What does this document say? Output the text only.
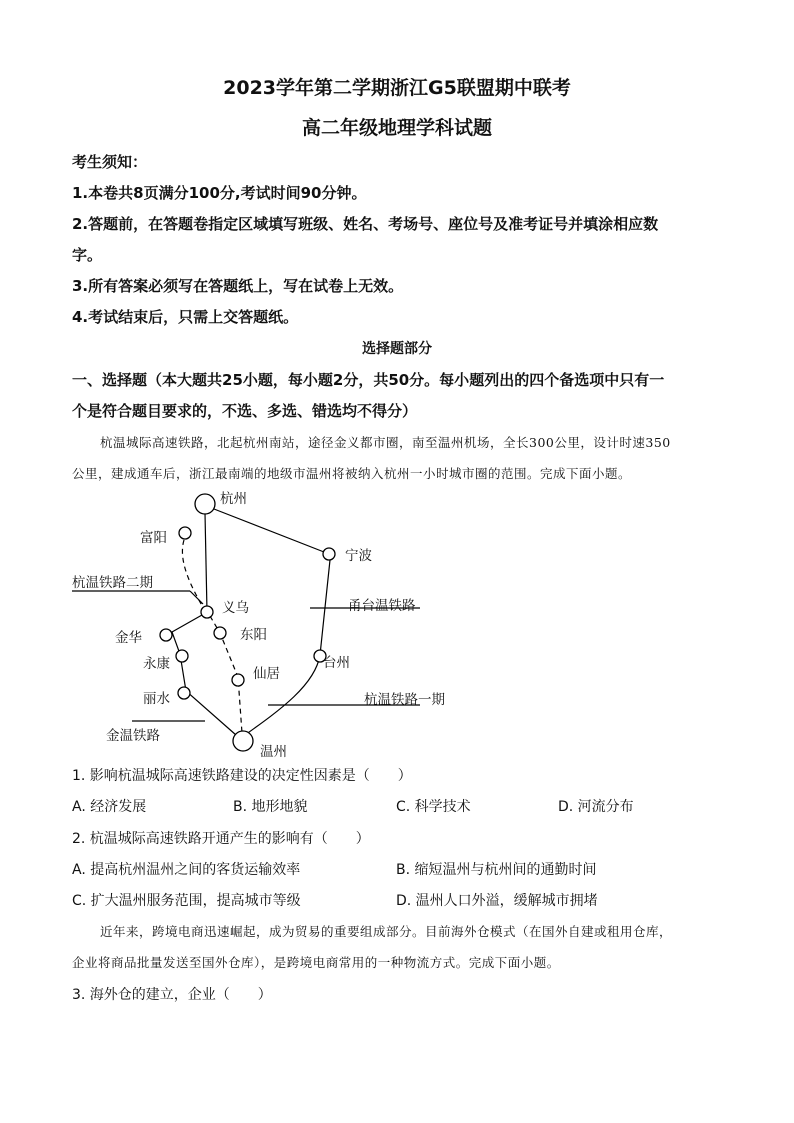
2023学年第二学期浙江G5联盟期中联考
高二年级地理学科试题
考生须知：
1.本卷共8页满分100分,考试时间90分钟。
2.答题前，在答题卷指定区域填写班级、姓名、考场号、座位号及准考证号并填涂相应数
字。
3.所有答案必须写在答题纸上，写在试卷上无效。
4.考试结束后，只需上交答题纸。
选择题部分
一、选择题（本大题共25小题，每小题2分，共50分。每小题列出的四个备选项中只有一
个是符合题目要求的，不选、多选、错选均不得分）
杭温城际高速铁路，北起杭州南站，途径金义都市圈，南至温州机场，全长300公里，设计时速350
公里，建成通车后，浙江最南端的地级市温州将被纳入杭州一小时城市圈的范围。完成下面小题。
杭州
富阳
宁波
杭温铁路二期
甬台温铁路
义乌
金华	东阳
永康	台州
仙居
丽水	杭温铁路一期
金温铁路
温州
1. 影响杭温城际高速铁路建设的决定性因素是（　　）
A. 经济发展	B. 地形地貌	C. 科学技术	D. 河流分布
2. 杭温城际高速铁路开通产生的影响有（　　）
A. 提高杭州温州之间的客货运输效率	B. 缩短温州与杭州间的通勤时间
C. 扩大温州服务范围，提高城市等级	D. 温州人口外溢，缓解城市拥堵
近年来，跨境电商迅速崛起，成为贸易的重要组成部分。目前海外仓模式（在国外自建或租用仓库，
企业将商品批量发送至国外仓库），是跨境电商常用的一种物流方式。完成下面小题。
3. 海外仓的建立，企业（　　）
